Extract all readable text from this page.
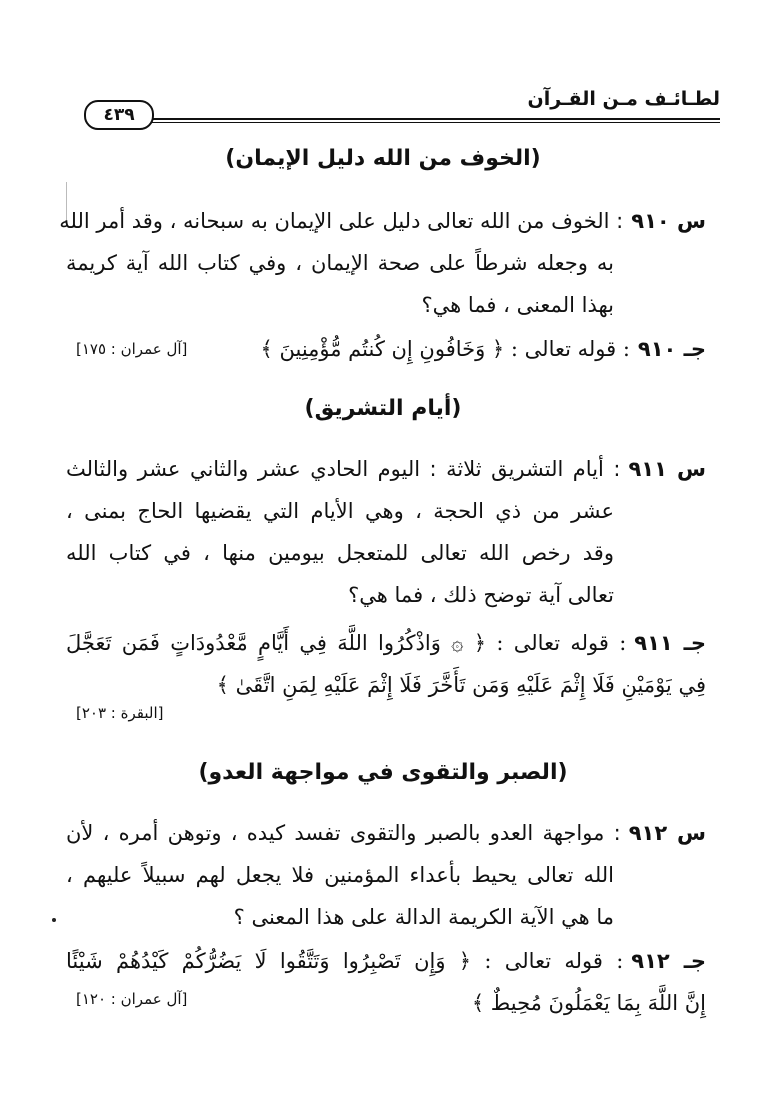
لطـائـف مـن القـرآن
٤٣٩
(الخوف من الله دليل الإيمان)
س ٩١٠: الخوف من الله تعالى دليل على الإيمان به سبحانه ، وقد أمر الله
به وجعله شرطاً على صحة الإيمان ، وفي كتاب الله آية كريمة
بهذا المعنى ، فما هي؟
جـ ٩١٠: قوله تعالى : ﴿ وَخَافُونِ إِن كُنتُم مُّؤْمِنِينَ ﴾
[آل عمران : ١٧٥]
(أيام التشريق)
س ٩١١: أيام التشريق ثلاثة : اليوم الحادي عشر والثاني عشر والثالث
عشر من ذي الحجة ، وهي الأيام التي يقضيها الحاج بمنى ،
وقد رخص الله تعالى للمتعجل بيومين منها ، في كتاب الله
تعالى آية توضح ذلك ، فما هي؟
جـ ٩١١: قوله تعالى : ﴿ ۞ وَاذْكُرُوا اللَّهَ فِي أَيَّامٍ مَّعْدُودَاتٍ فَمَن تَعَجَّلَ
فِي يَوْمَيْنِ فَلَا إِثْمَ عَلَيْهِ وَمَن تَأَخَّرَ فَلَا إِثْمَ عَلَيْهِ لِمَنِ اتَّقَىٰ ﴾
[البقرة : ٢٠٣]
(الصبر والتقوى في مواجهة العدو)
س ٩١٢: مواجهة العدو بالصبر والتقوى تفسد كيده ، وتوهن أمره ، لأن
الله تعالى يحيط بأعداء المؤمنين فلا يجعل لهم سبيلاً عليهم ،
ما هي الآية الكريمة الدالة على هذا المعنى ؟
جـ ٩١٢: قوله تعالى : ﴿ وَإِن تَصْبِرُوا وَتَتَّقُوا لَا يَضُرُّكُمْ كَيْدُهُمْ شَيْئًا
إِنَّ اللَّهَ بِمَا يَعْمَلُونَ مُحِيطٌ ﴾
[آل عمران : ١٢٠]
